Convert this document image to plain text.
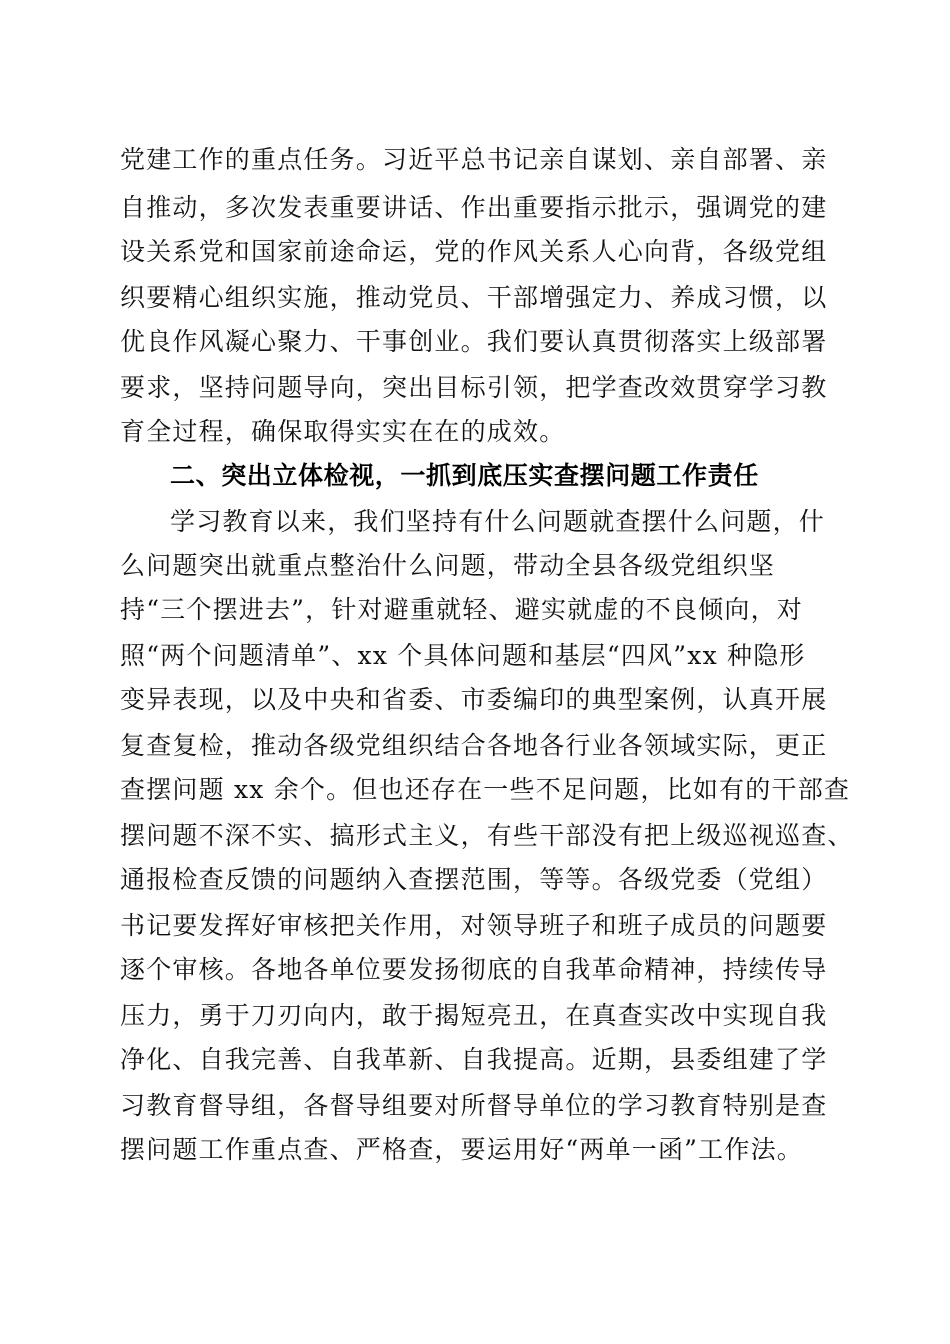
党建工作的重点任务。习近平总书记亲自谋划、亲自部署、亲
自推动，多次发表重要讲话、作出重要指示批示，强调党的建
设关系党和国家前途命运，党的作风关系人心向背，各级党组
织要精心组织实施，推动党员、干部增强定力、养成习惯，以
优良作风凝心聚力、干事创业。我们要认真贯彻落实上级部署
要求，坚持问题导向，突出目标引领，把学查改效贯穿学习教
育全过程，确保取得实实在在的成效。
二、突出立体检视，一抓到底压实查摆问题工作责任
学习教育以来，我们坚持有什么问题就查摆什么问题，什
么问题突出就重点整治什么问题，带动全县各级党组织坚
持“三个摆进去”，针对避重就轻、避实就虚的不良倾向，对
照“两个问题清单”、xx 个具体问题和基层“四风”xx 种隐形
变异表现，以及中央和省委、市委编印的典型案例，认真开展
复查复检，推动各级党组织结合各地各行业各领域实际，更正
查摆问题 xx 余个。但也还存在一些不足问题，比如有的干部查
摆问题不深不实、搞形式主义，有些干部没有把上级巡视巡查、
通报检查反馈的问题纳入查摆范围，等等。各级党委（党组）
书记要发挥好审核把关作用，对领导班子和班子成员的问题要
逐个审核。各地各单位要发扬彻底的自我革命精神，持续传导
压力，勇于刀刃向内，敢于揭短亮丑，在真查实改中实现自我
净化、自我完善、自我革新、自我提高。近期，县委组建了学
习教育督导组，各督导组要对所督导单位的学习教育特别是查
摆问题工作重点查、严格查，要运用好“两单一函”工作法。
